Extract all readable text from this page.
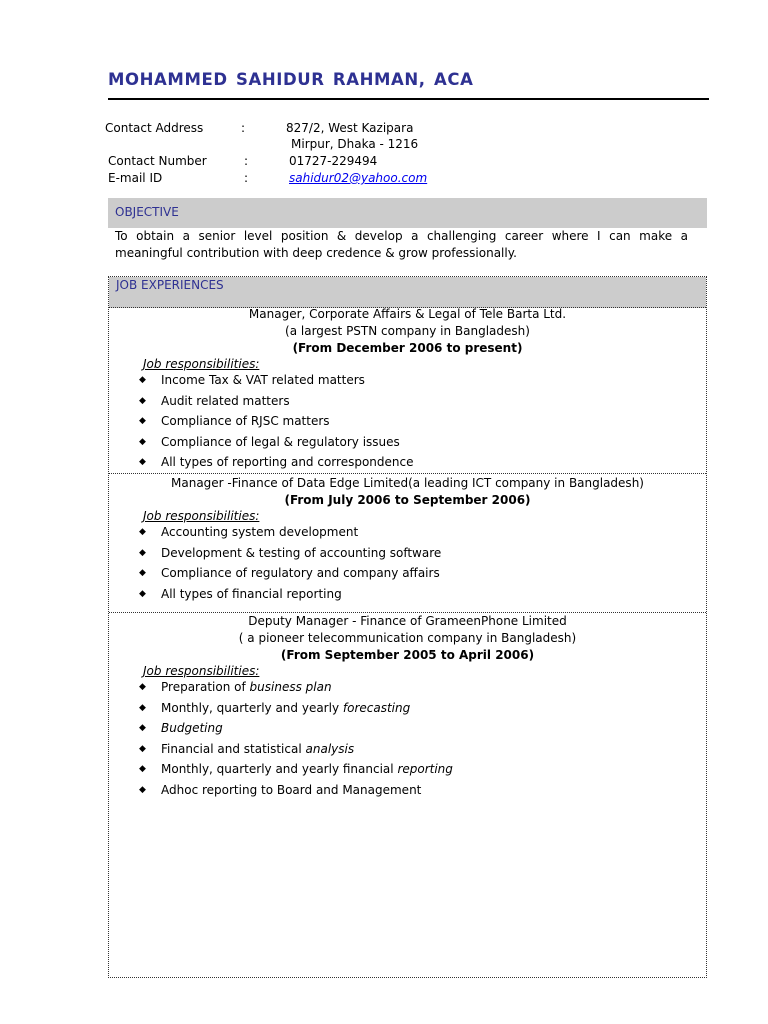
MOHAMMED SAHIDUR RAHMAN, ACA
Contact Address	:	827/2, West Kazipara
Mirpur, Dhaka - 1216
Contact Number	:	01727-229494
E-mail ID	:	sahidur02@yahoo.com
OBJECTIVE
To obtain a senior level position & develop a challenging career where I can make a meaningful contribution with deep credence & grow professionally.
JOB EXPERIENCES
Manager, Corporate Affairs & Legal of Tele Barta Ltd.
(a largest PSTN company in Bangladesh)
(From December 2006 to present)
Job responsibilities:
◆ Income Tax & VAT related matters
◆ Audit related matters
◆ Compliance of RJSC matters
◆ Compliance of legal & regulatory issues
◆ All types of reporting and correspondence
Manager -Finance of Data Edge Limited(a leading ICT company in Bangladesh)
(From July 2006 to September 2006)
Job responsibilities:
◆ Accounting system development
◆ Development & testing of accounting software
◆ Compliance of regulatory and company affairs
◆ All types of financial reporting
Deputy Manager - Finance of GrameenPhone Limited
( a pioneer telecommunication company in Bangladesh)
(From September 2005 to April 2006)
Job responsibilities:
◆ Preparation of business plan
◆ Monthly, quarterly and yearly forecasting
◆ Budgeting
◆ Financial and statistical analysis
◆ Monthly, quarterly and yearly financial reporting
◆ Adhoc reporting to Board and Management
